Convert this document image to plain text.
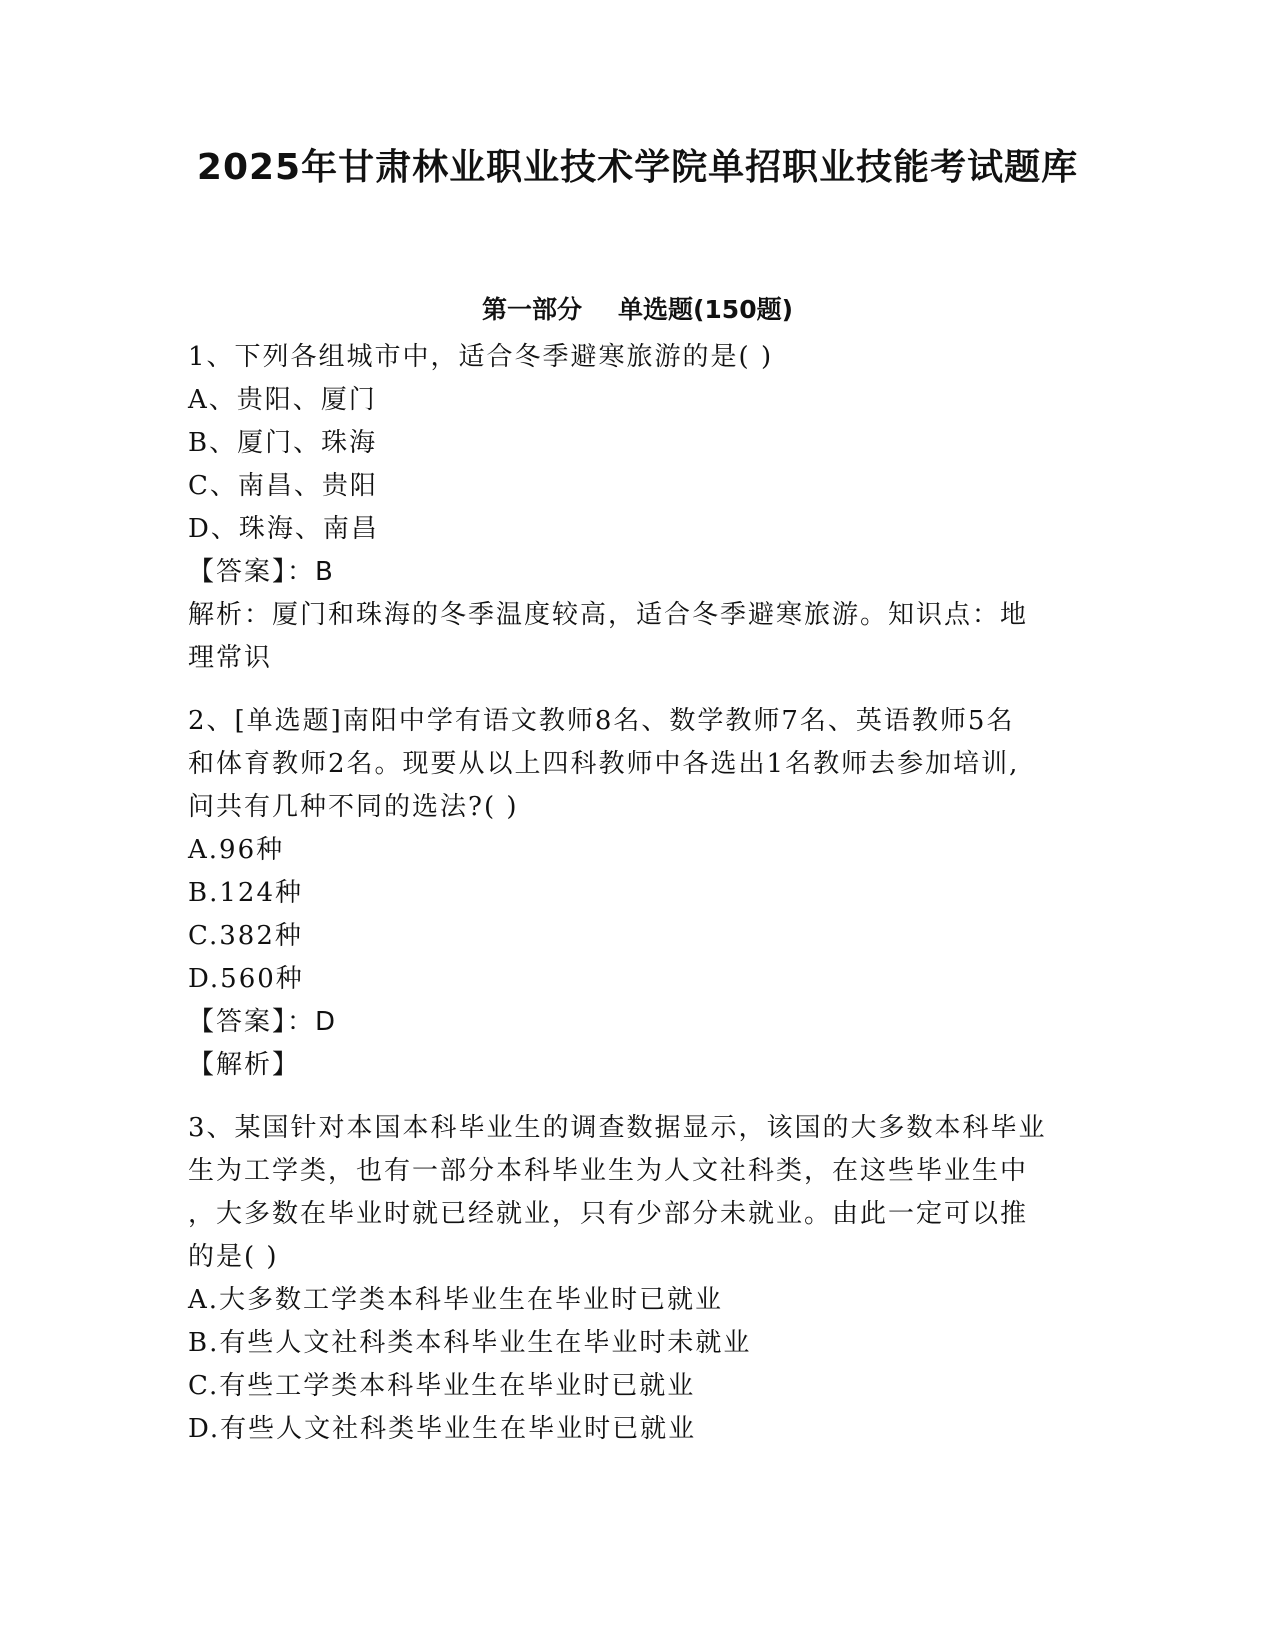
2025年甘肃林业职业技术学院单招职业技能考试题库
第一部分 单选题(150题)
1、下列各组城市中，适合冬季避寒旅游的是( )
A、贵阳、厦门
B、厦门、珠海
C、南昌、贵阳
D、珠海、南昌
【答案】：B
解析：厦门和珠海的冬季温度较高，适合冬季避寒旅游。知识点：地
理常识
2、[单选题]南阳中学有语文教师8名、数学教师7名、英语教师5名
和体育教师2名。现要从以上四科教师中各选出1名教师去参加培训,
问共有几种不同的选法?( )
A.96种
B.124种
C.382种
D.560种
【答案】：D
【解析】
3、某国针对本国本科毕业生的调查数据显示，该国的大多数本科毕业
生为工学类，也有一部分本科毕业生为人文社科类，在这些毕业生中
，大多数在毕业时就已经就业，只有少部分未就业。由此一定可以推
的是( )
A.大多数工学类本科毕业生在毕业时已就业
B.有些人文社科类本科毕业生在毕业时未就业
C.有些工学类本科毕业生在毕业时已就业
D.有些人文社科类毕业生在毕业时已就业
